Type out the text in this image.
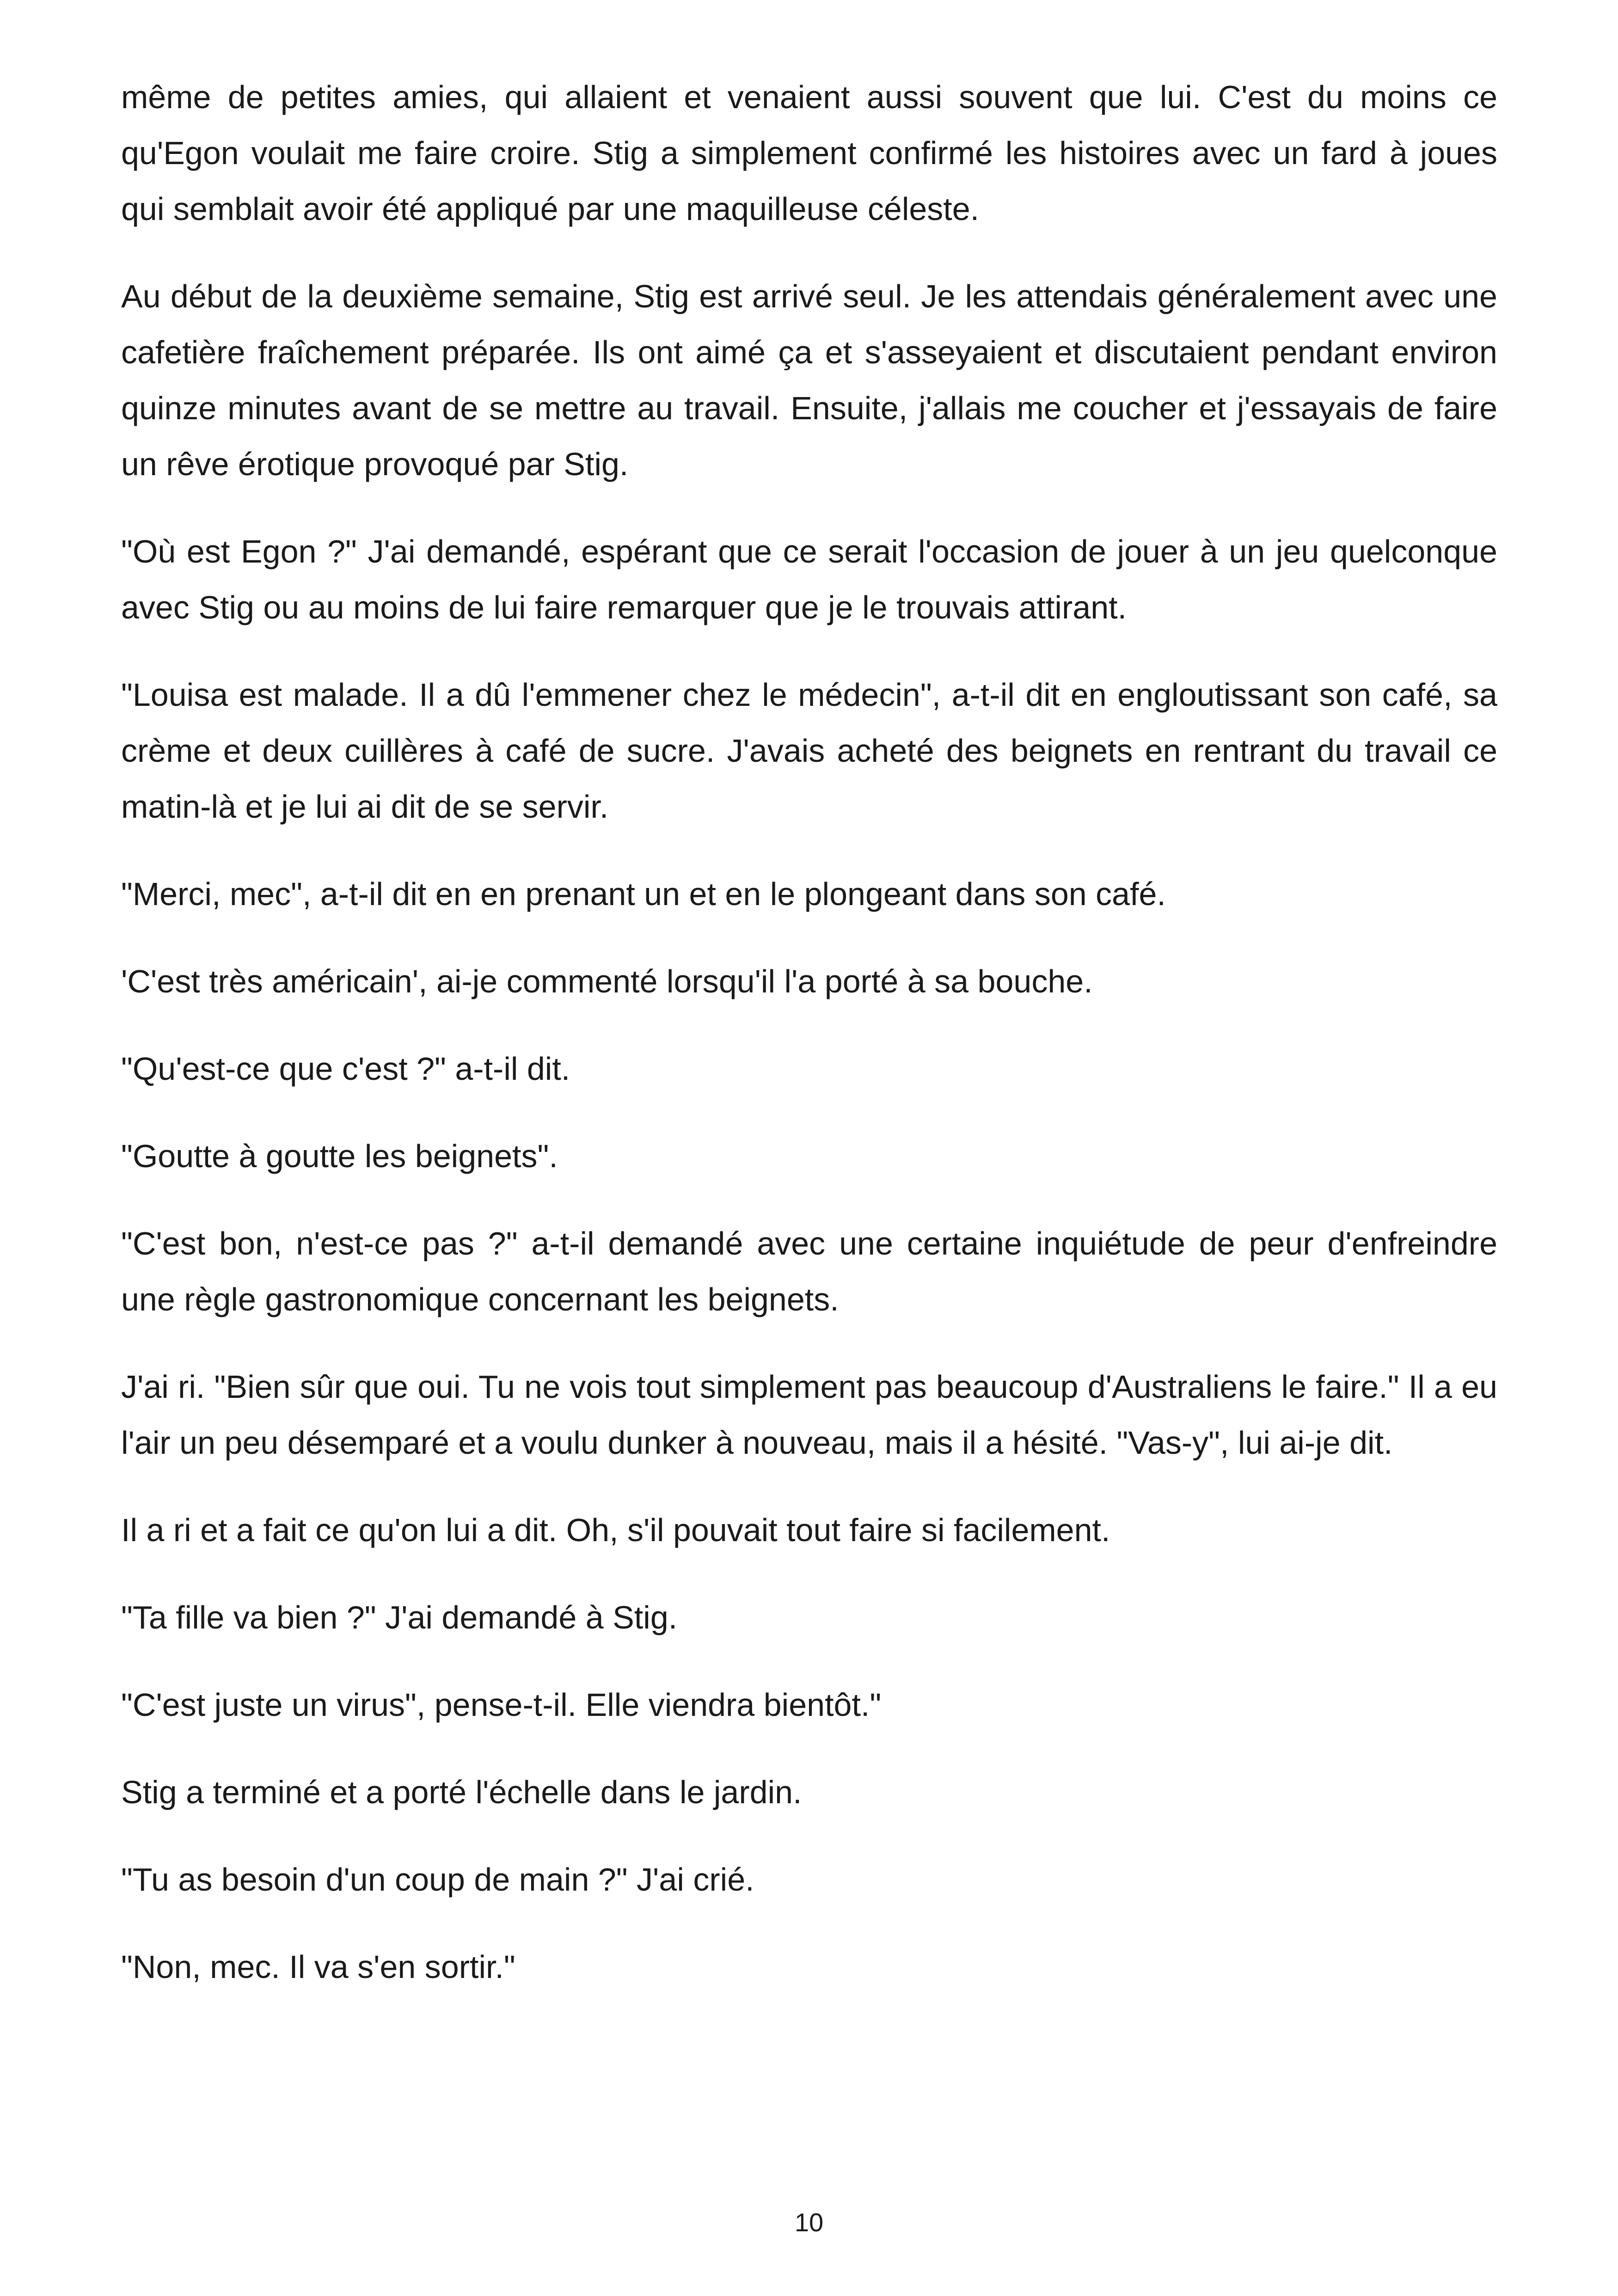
même de petites amies, qui allaient et venaient aussi souvent que lui. C'est du moins ce qu'Egon voulait me faire croire. Stig a simplement confirmé les histoires avec un fard à joues qui semblait avoir été appliqué par une maquilleuse céleste.

Au début de la deuxième semaine, Stig est arrivé seul. Je les attendais généralement avec une cafetière fraîchement préparée. Ils ont aimé ça et s'asseyaient et discutaient pendant environ quinze minutes avant de se mettre au travail. Ensuite, j'allais me coucher et j'essayais de faire un rêve érotique provoqué par Stig.

"Où est Egon ?" J'ai demandé, espérant que ce serait l'occasion de jouer à un jeu quelconque avec Stig ou au moins de lui faire remarquer que je le trouvais attirant.

"Louisa est malade. Il a dû l'emmener chez le médecin", a-t-il dit en engloutissant son café, sa crème et deux cuillères à café de sucre. J'avais acheté des beignets en rentrant du travail ce matin-là et je lui ai dit de se servir.

"Merci, mec", a-t-il dit en en prenant un et en le plongeant dans son café.

'C'est très américain', ai-je commenté lorsqu'il l'a porté à sa bouche.

"Qu'est-ce que c'est ?" a-t-il dit.

"Goutte à goutte les beignets".

"C'est bon, n'est-ce pas ?" a-t-il demandé avec une certaine inquiétude de peur d'enfreindre une règle gastronomique concernant les beignets.

J'ai ri. "Bien sûr que oui. Tu ne vois tout simplement pas beaucoup d'Australiens le faire." Il a eu l'air un peu désemparé et a voulu dunker à nouveau, mais il a hésité. "Vas-y", lui ai-je dit.

Il a ri et a fait ce qu'on lui a dit. Oh, s'il pouvait tout faire si facilement.

"Ta fille va bien ?" J'ai demandé à Stig.

"C'est juste un virus", pense-t-il. Elle viendra bientôt."

Stig a terminé et a porté l'échelle dans le jardin.

"Tu as besoin d'un coup de main ?" J'ai crié.

"Non, mec. Il va s'en sortir."

10
